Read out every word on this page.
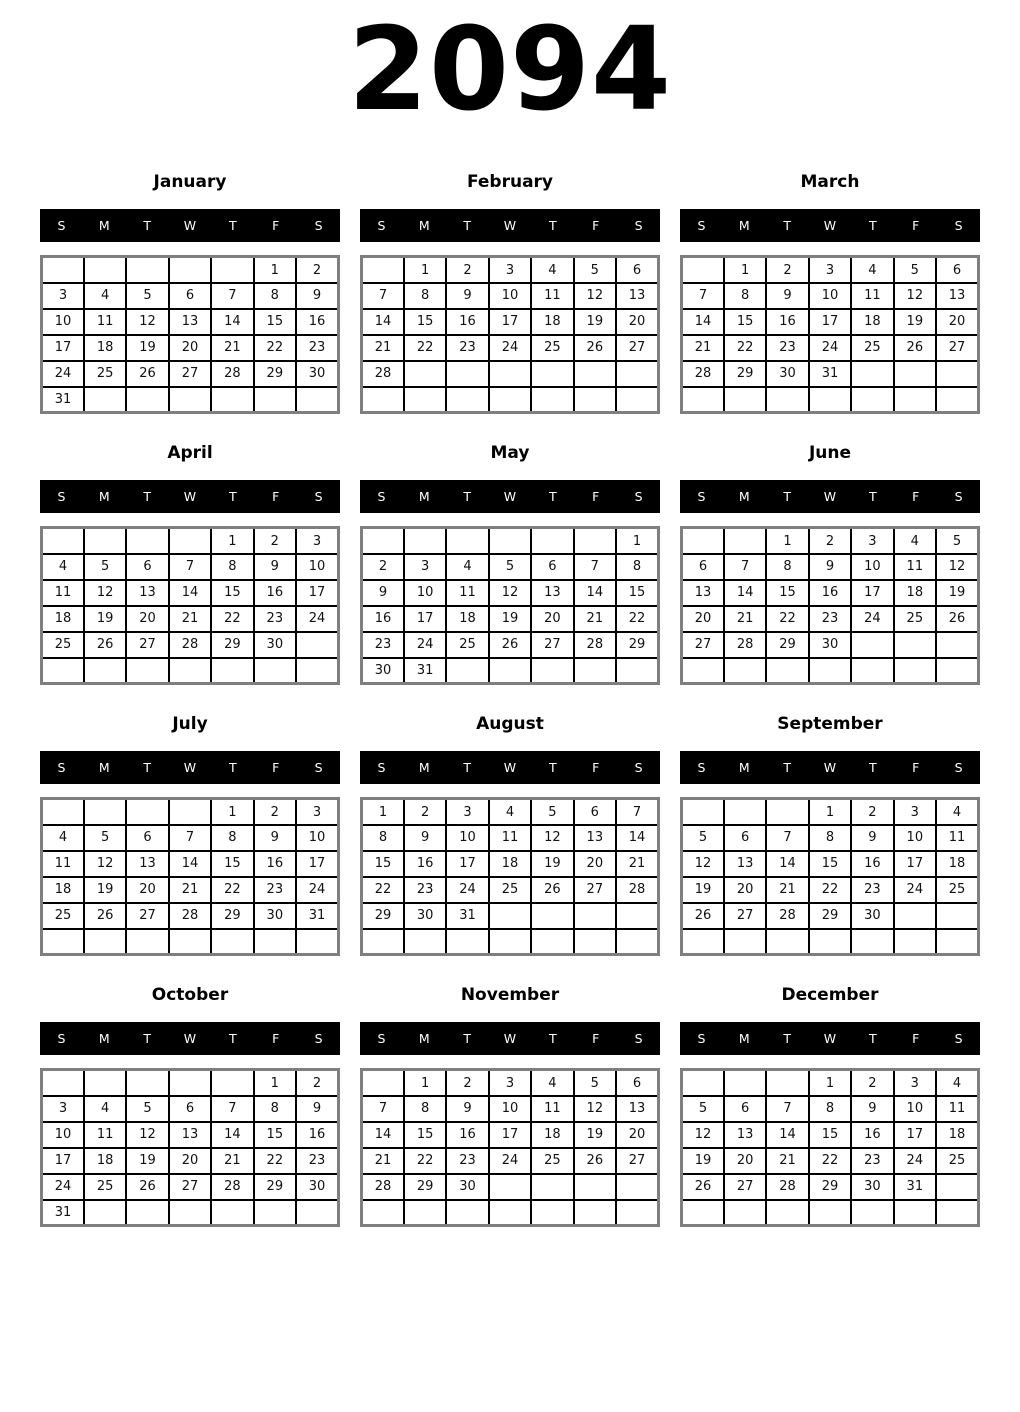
2094
January
S	M	T	W	T	F	S
					1	2
3	4	5	6	7	8	9
10	11	12	13	14	15	16
17	18	19	20	21	22	23
24	25	26	27	28	29	30
31						
February
S	M	T	W	T	F	S
	1	2	3	4	5	6
7	8	9	10	11	12	13
14	15	16	17	18	19	20
21	22	23	24	25	26	27
28						

March
S	M	T	W	T	F	S
	1	2	3	4	5	6
7	8	9	10	11	12	13
14	15	16	17	18	19	20
21	22	23	24	25	26	27
28	29	30	31			

April
S	M	T	W	T	F	S
				1	2	3
4	5	6	7	8	9	10
11	12	13	14	15	16	17
18	19	20	21	22	23	24
25	26	27	28	29	30	

May
S	M	T	W	T	F	S
						1
2	3	4	5	6	7	8
9	10	11	12	13	14	15
16	17	18	19	20	21	22
23	24	25	26	27	28	29
30	31					
June
S	M	T	W	T	F	S
		1	2	3	4	5
6	7	8	9	10	11	12
13	14	15	16	17	18	19
20	21	22	23	24	25	26
27	28	29	30			

July
S	M	T	W	T	F	S
				1	2	3
4	5	6	7	8	9	10
11	12	13	14	15	16	17
18	19	20	21	22	23	24
25	26	27	28	29	30	31

August
S	M	T	W	T	F	S
1	2	3	4	5	6	7
8	9	10	11	12	13	14
15	16	17	18	19	20	21
22	23	24	25	26	27	28
29	30	31				

September
S	M	T	W	T	F	S
			1	2	3	4
5	6	7	8	9	10	11
12	13	14	15	16	17	18
19	20	21	22	23	24	25
26	27	28	29	30		

October
S	M	T	W	T	F	S
					1	2
3	4	5	6	7	8	9
10	11	12	13	14	15	16
17	18	19	20	21	22	23
24	25	26	27	28	29	30
31						
November
S	M	T	W	T	F	S
	1	2	3	4	5	6
7	8	9	10	11	12	13
14	15	16	17	18	19	20
21	22	23	24	25	26	27
28	29	30				

December
S	M	T	W	T	F	S
			1	2	3	4
5	6	7	8	9	10	11
12	13	14	15	16	17	18
19	20	21	22	23	24	25
26	27	28	29	30	31	
